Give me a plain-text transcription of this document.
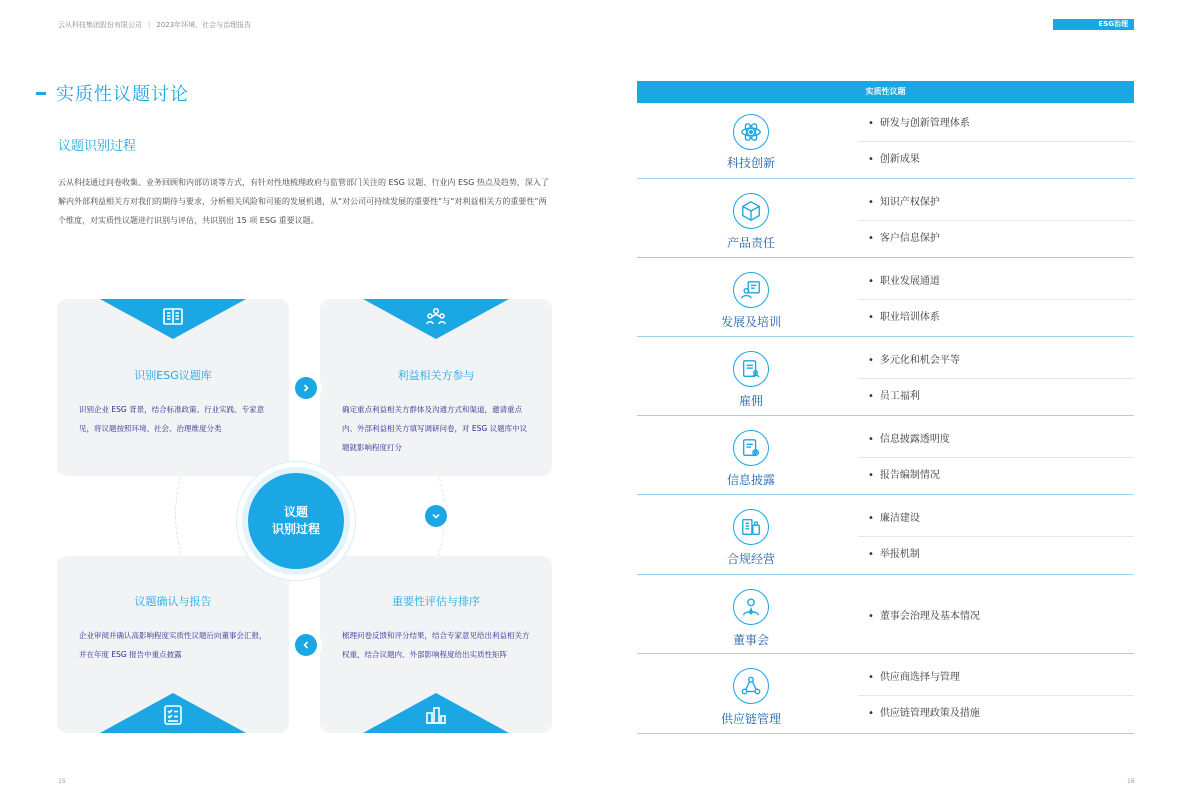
云从科技集团股份有限公司 | 2023年环境、社会与治理报告	ESG治理
实质性议题讨论
议题识别过程
云从科技通过问卷收集、业务回顾和内部访谈等方式，有针对性地梳理政府与监管部门关注的 ESG 议题、行业内 ESG 热点及趋势，深入了解内外部利益相关方对我们的期待与要求，分析相关风险和可能的发展机遇，从“对公司可持续发展的重要性”与“对利益相关方的重要性”两个维度，对实质性议题进行识别与评估，共识别出 15 项 ESG 重要议题。
识别ESG议题库
识别企业 ESG 背景，结合标准政策、行业实践、专家意见，将议题按照环境、社会、治理维度分类
利益相关方参与
确定重点利益相关方群体及沟通方式和渠道，邀请重点内、外部利益相关方填写调研问卷，对 ESG 议题库中议题就影响程度打分
议题确认与报告
企业审阅并确认高影响程度实质性议题后向董事会汇报，并在年度 ESG 报告中重点披露
重要性评估与排序
梳理问卷反馈和评分结果，结合专家意见给出利益相关方权重，结合议题内、外部影响程度给出实质性矩阵
议题
识别过程
15
实质性议题
科技创新
• 研发与创新管理体系
• 创新成果
产品责任
• 知识产权保护
• 客户信息保护
发展及培训
• 职业发展通道
• 职业培训体系
雇佣
• 多元化和机会平等
• 员工福利
信息披露
• 信息披露透明度
• 报告编制情况
合规经营
• 廉洁建设
• 举报机制
董事会
• 董事会治理及基本情况
供应链管理
• 供应商选择与管理
• 供应链管理政策及措施
16
